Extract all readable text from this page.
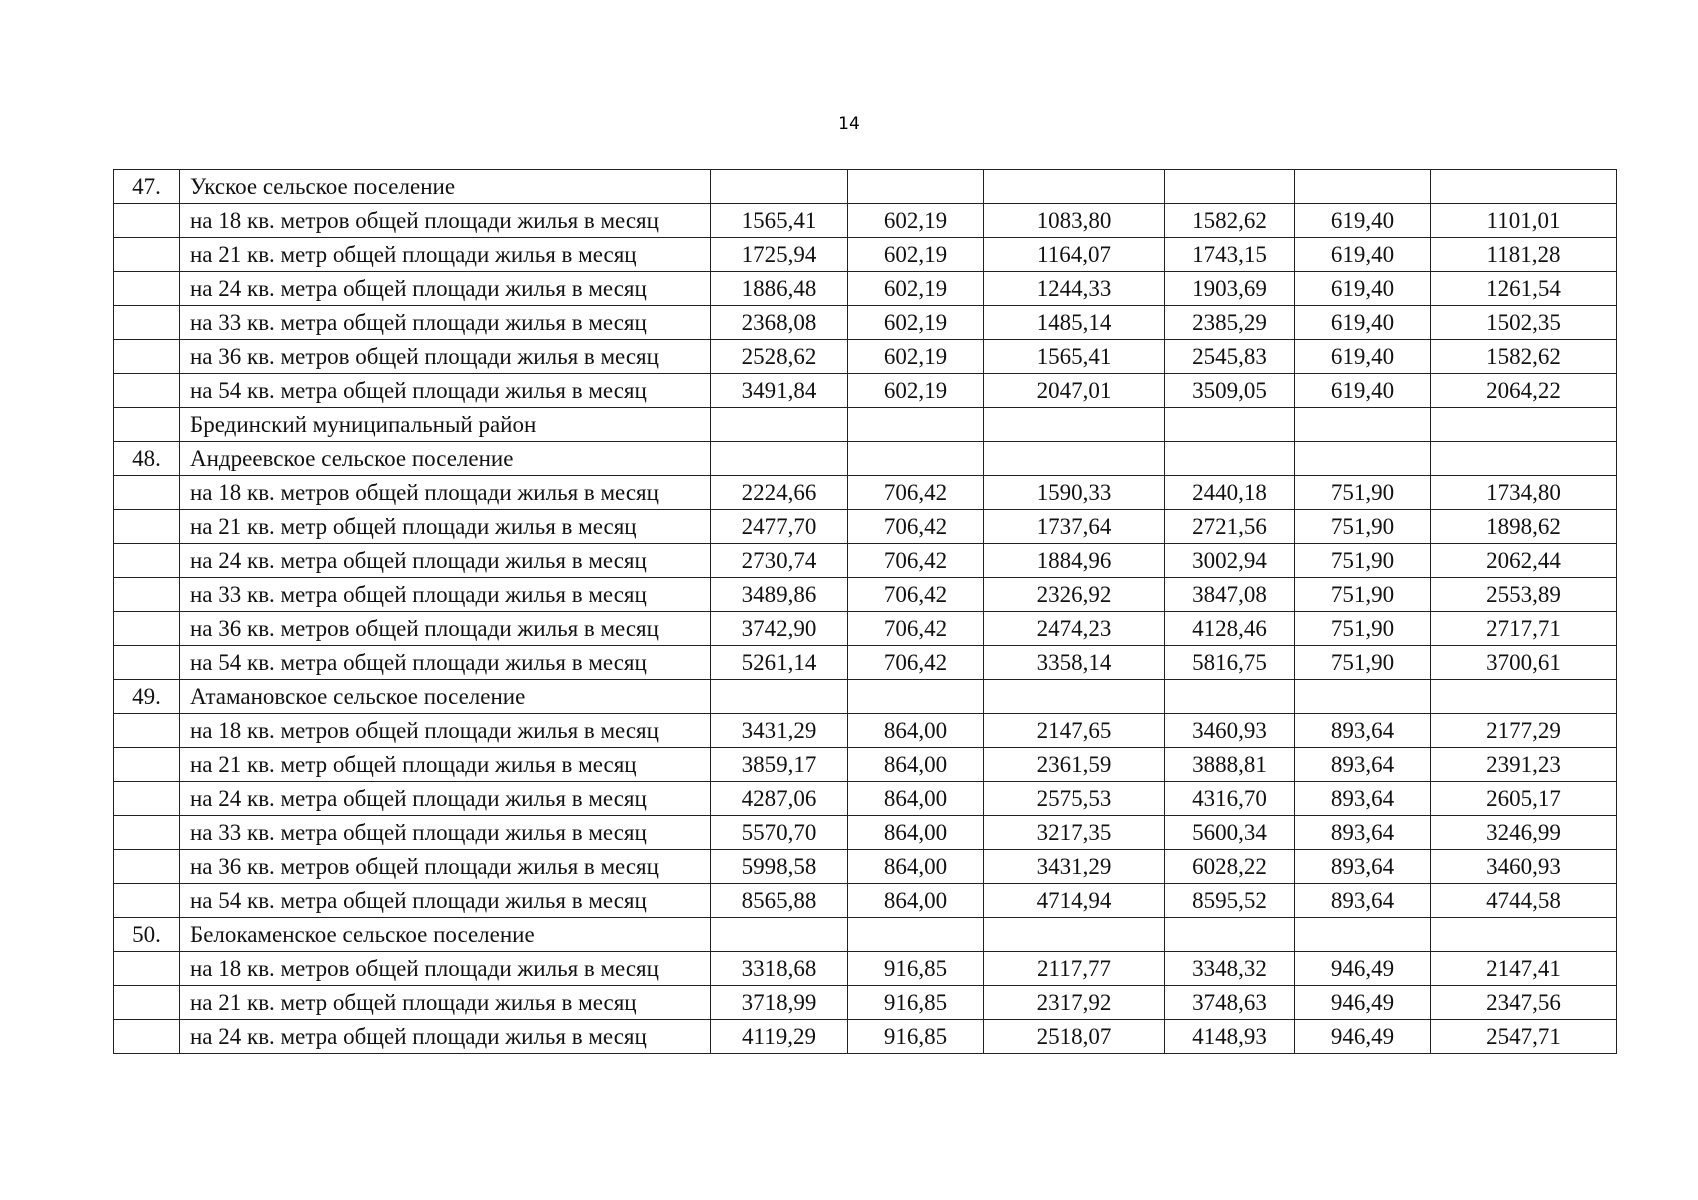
14
47.	Укское сельское поселение						
	на 18 кв. метров общей площади жилья в месяц	1565,41	602,19	1083,80	1582,62	619,40	1101,01
	на 21 кв. метр общей площади жилья в месяц	1725,94	602,19	1164,07	1743,15	619,40	1181,28
	на 24 кв. метра общей площади жилья в месяц	1886,48	602,19	1244,33	1903,69	619,40	1261,54
	на 33 кв. метра общей площади жилья в месяц	2368,08	602,19	1485,14	2385,29	619,40	1502,35
	на 36 кв. метров общей площади жилья в месяц	2528,62	602,19	1565,41	2545,83	619,40	1582,62
	на 54 кв. метра общей площади жилья в месяц	3491,84	602,19	2047,01	3509,05	619,40	2064,22
	Брединский муниципальный район						
48.	Андреевское сельское поселение						
	на 18 кв. метров общей площади жилья в месяц	2224,66	706,42	1590,33	2440,18	751,90	1734,80
	на 21 кв. метр общей площади жилья в месяц	2477,70	706,42	1737,64	2721,56	751,90	1898,62
	на 24 кв. метра общей площади жилья в месяц	2730,74	706,42	1884,96	3002,94	751,90	2062,44
	на 33 кв. метра общей площади жилья в месяц	3489,86	706,42	2326,92	3847,08	751,90	2553,89
	на 36 кв. метров общей площади жилья в месяц	3742,90	706,42	2474,23	4128,46	751,90	2717,71
	на 54 кв. метра общей площади жилья в месяц	5261,14	706,42	3358,14	5816,75	751,90	3700,61
49.	Атамановское сельское поселение						
	на 18 кв. метров общей площади жилья в месяц	3431,29	864,00	2147,65	3460,93	893,64	2177,29
	на 21 кв. метр общей площади жилья в месяц	3859,17	864,00	2361,59	3888,81	893,64	2391,23
	на 24 кв. метра общей площади жилья в месяц	4287,06	864,00	2575,53	4316,70	893,64	2605,17
	на 33 кв. метра общей площади жилья в месяц	5570,70	864,00	3217,35	5600,34	893,64	3246,99
	на 36 кв. метров общей площади жилья в месяц	5998,58	864,00	3431,29	6028,22	893,64	3460,93
	на 54 кв. метра общей площади жилья в месяц	8565,88	864,00	4714,94	8595,52	893,64	4744,58
50.	Белокаменское сельское поселение						
	на 18 кв. метров общей площади жилья в месяц	3318,68	916,85	2117,77	3348,32	946,49	2147,41
	на 21 кв. метр общей площади жилья в месяц	3718,99	916,85	2317,92	3748,63	946,49	2347,56
	на 24 кв. метра общей площади жилья в месяц	4119,29	916,85	2518,07	4148,93	946,49	2547,71
